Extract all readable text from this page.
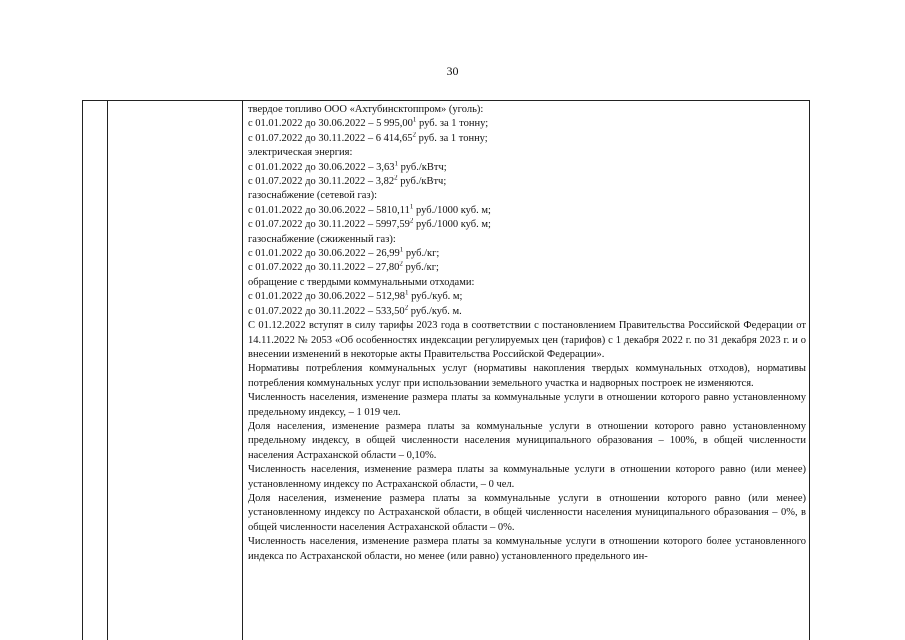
30
твердое топливо ООО «Ахтубинсктоппром» (уголь):
с 01.01.2022 до 30.06.2022 – 5 995,00$^1$ руб. за 1 тонну;
с 01.07.2022 до 30.11.2022 – 6 414,65$^2$ руб. за 1 тонну;
электрическая энергия:
с 01.01.2022 до 30.06.2022 – 3,63$^1$ руб./кВтч;
с 01.07.2022 до 30.11.2022 – 3,82$^2$ руб./кВтч;
газоснабжение (сетевой газ):
с 01.01.2022 до 30.06.2022 – 5810,11$^1$ руб./1000 куб. м;
с 01.07.2022 до 30.11.2022 – 5997,59$^2$ руб./1000 куб. м;
газоснабжение (сжиженный газ):
с 01.01.2022 до 30.06.2022 – 26,99$^1$ руб./кг;
с 01.07.2022 до 30.11.2022 – 27,80$^2$ руб./кг;
обращение с твердыми коммунальными отходами:
с 01.01.2022 до 30.06.2022 – 512,98$^1$ руб./куб. м;
с 01.07.2022 до 30.11.2022 – 533,50$^2$ руб./куб. м.
С 01.12.2022 вступят в силу тарифы 2023 года в соответствии с постановлением Правительства Российской Федерации от 14.11.2022 № 2053 «Об особенностях индексации регулируемых цен (тарифов) с 1 декабря 2022 г. по 31 декабря 2023 г. и о внесении изменений в некоторые акты Правительства Российской Федерации».
Нормативы потребления коммунальных услуг (нормативы накопления твердых коммунальных отходов), нормативы потребления коммунальных услуг при использовании земельного участка и надворных построек не изменяются.
Численность населения, изменение размера платы за коммунальные услуги в отношении которого равно установленному предельному индексу, – 1 019 чел.
Доля населения, изменение размера платы за коммунальные услуги в отношении которого равно установленному предельному индексу, в общей численности населения муниципального образования – 100%, в общей численности населения Астраханской области – 0,10%.
Численность населения, изменение размера платы за коммунальные услуги в отношении которого равно (или менее) установленному индексу по Астраханской области, – 0 чел.
Доля населения, изменение размера платы за коммунальные услуги в отношении которого равно (или менее) установленному индексу по Астраханской области, в общей численности населения муниципального образования – 0%, в общей численности населения Астраханской области – 0%.
Численность населения, изменение размера платы за коммунальные услуги в отношении которого более установленного индекса по Астраханской области, но менее (или равно) установленного предельного ин-
